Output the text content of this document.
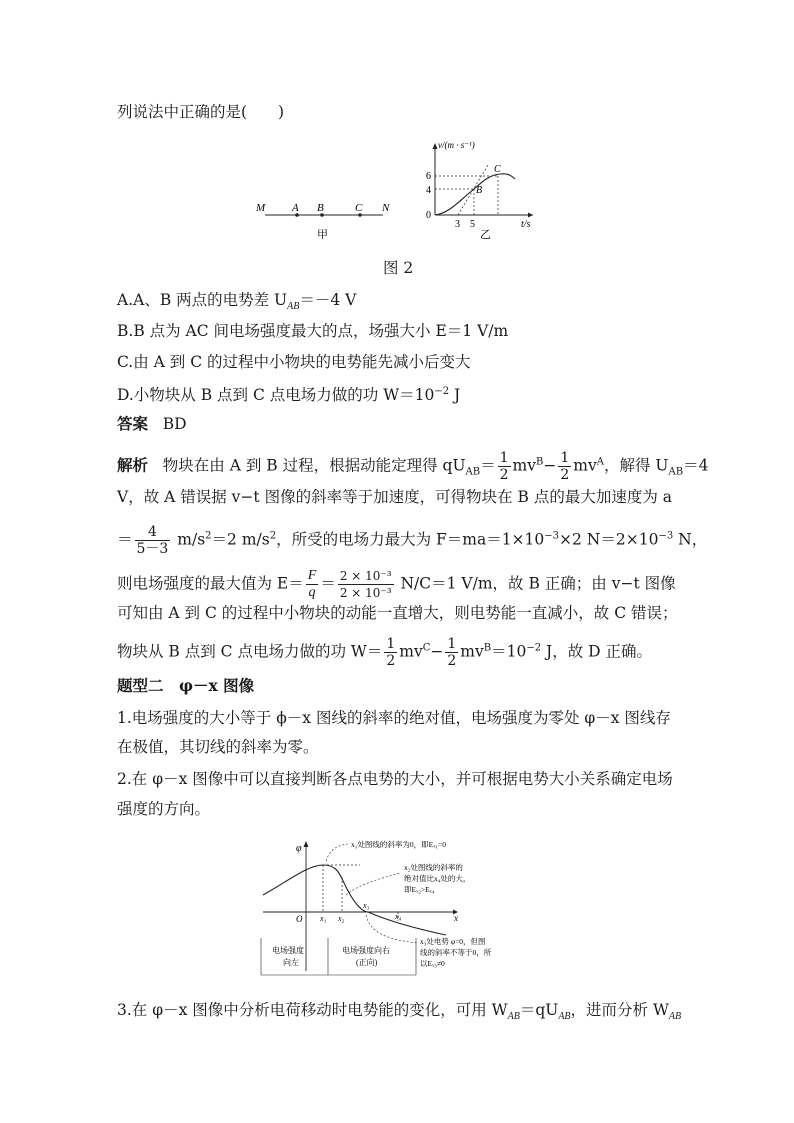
列说法中正确的是(　　)
M A B	C N
甲
v/(m · s⁻¹)
t/s
0
6
4
3 5
B
C
乙
图 2
A.A、B 两点的电势差 $U_{AB}=-4$ V
B.B 点为 AC 间电场强度最大的点，场强大小 E＝1 V/m
C.由 A 到 C 的过程中小物块的电势能先减小后变大
D.小物块从 B 点到 C 点电场力做的功 $W=10^{-2}$ J
答案 BD
解析 物块在由 A 到 B 过程，根据动能定理得 $qU_{AB}= \frac{1}{2} mv^B- \frac{1}{2} mv^A$，解得 $U_{AB}=4$
V，故 A 错误据 v−t 图像的斜率等于加速度，可得物块在 B 点的最大加速度为 a
＝ $\frac{4}{5-3} m/s^2=2$ $m/s^2$，所受的电场力最大为 $F=ma=1\times 10^{-3}\times 2$ $N=2\times 10^{-3}$ N，
则电场强度的最大值为 $E= \frac{F}{q} = \frac{\text{2 × 10⁻³}}{\text{2 × 10⁻³}} N/C=1$ V/m，故 B 正确；由 v−t 图像
可知由 A 到 C 的过程中小物块的动能一直增大，则电势能一直减小，故 C 错误；
物块从 B 点到 C 点电场力做的功 $W= \frac{1}{2} mv^C- \frac{1}{2} mv^B=10^{-2}$ J，故 D 正确。
题型二　φ－x 图像
1.电场强度的大小等于 ϕ－x 图线的斜率的绝对值，电场强度为零处 φ－x 图线存
在极值，其切线的斜率为零。
2.在 φ－x 图像中可以直接判断各点电势的大小，并可根据电势大小关系确定电场
强度的方向。
φ
x
O x₁ x₂
x₃
x₄
x₁处图线的斜率为0，即Eₓ₁=0
x₂处图线的斜率的
绝对值比x₄处的大，
即Eₓ₂>Eₓ₄
x₃处电势 φ=0，但图
线的斜率不等于0，所
以Eₓ₃≠0
电场强度
向左
电场强度向右
(正向)
3.在 φ－x 图像中分析电荷移动时电势能的变化，可用 $W_{AB}=qU_{AB}$，进而分析 $W_{AB}$
